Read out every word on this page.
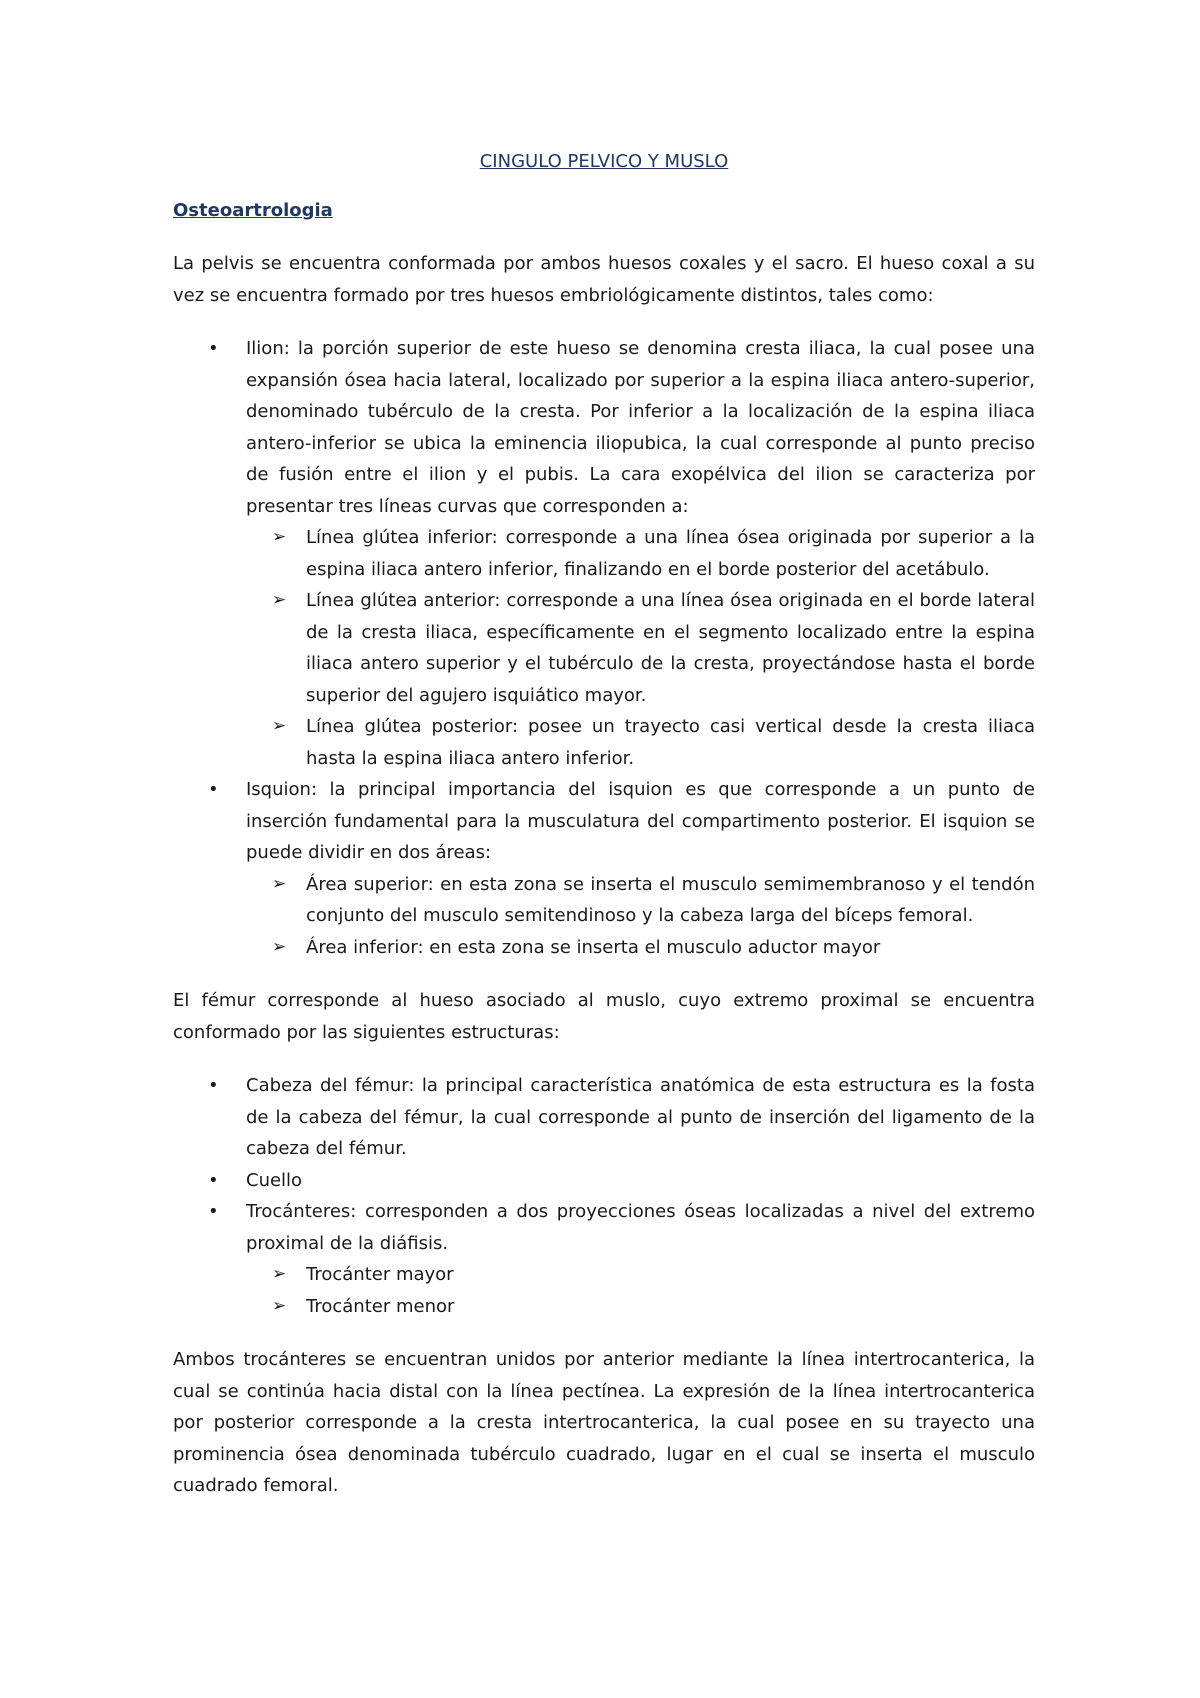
CINGULO PELVICO Y MUSLO
Osteoartrologia

La pelvis se encuentra conformada por ambos huesos coxales y el sacro. El hueso coxal a su vez se encuentra formado por tres huesos embriológicamente distintos, tales como:

•	Ilion: la porción superior de este hueso se denomina cresta iliaca, la cual posee una expansión ósea hacia lateral, localizado por superior a la espina iliaca antero-superior, denominado tubérculo de la cresta. Por inferior a la localización de la espina iliaca antero-inferior se ubica la eminencia iliopubica, la cual corresponde al punto preciso de fusión entre el ilion y el pubis. La cara exopélvica del ilion se caracteriza por presentar tres líneas curvas que corresponden a:
➢	Línea glútea inferior: corresponde a una línea ósea originada por superior a la espina iliaca antero inferior, finalizando en el borde posterior del acetábulo.
➢	Línea glútea anterior: corresponde a una línea ósea originada en el borde lateral de la cresta iliaca, específicamente en el segmento localizado entre la espina iliaca antero superior y el tubérculo de la cresta, proyectándose hasta el borde superior del agujero isquiático mayor.
➢	Línea glútea posterior: posee un trayecto casi vertical desde la cresta iliaca hasta la espina iliaca antero inferior.
•	Isquion: la principal importancia del isquion es que corresponde a un punto de inserción fundamental para la musculatura del compartimento posterior. El isquion se puede dividir en dos áreas:
➢	Área superior: en esta zona se inserta el musculo semimembranoso y el tendón conjunto del musculo semitendinoso y la cabeza larga del bíceps femoral.
➢	Área inferior: en esta zona se inserta el musculo aductor mayor

El fémur corresponde al hueso asociado al muslo, cuyo extremo proximal se encuentra conformado por las siguientes estructuras:

•	Cabeza del fémur: la principal característica anatómica de esta estructura es la fosta de la cabeza del fémur, la cual corresponde al punto de inserción del ligamento de la cabeza del fémur.
•	Cuello
•	Trocánteres: corresponden a dos proyecciones óseas localizadas a nivel del extremo proximal de la diáfisis.
➢	Trocánter mayor
➢	Trocánter menor

Ambos trocánteres se encuentran unidos por anterior mediante la línea intertrocanterica, la cual se continúa hacia distal con la línea pectínea. La expresión de la línea intertrocanterica por posterior corresponde a la cresta intertrocanterica, la cual posee en su trayecto una prominencia ósea denominada tubérculo cuadrado, lugar en el cual se inserta el musculo cuadrado femoral.
